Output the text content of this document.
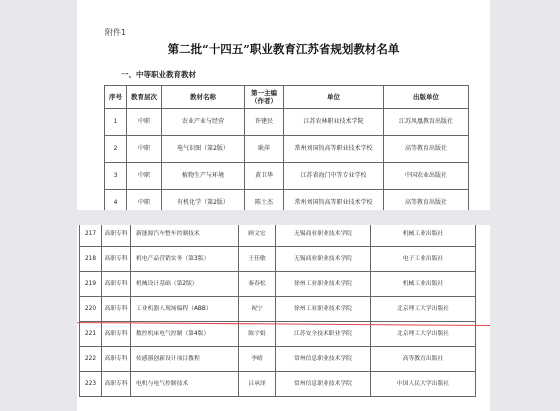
附件1
第二批“十四五”职业教育江苏省规划教材名单
一、中等职业教育教材
序号	教育层次	教材名称	第一主编（作者）	单位	出版单位
1	中职	农业产业与经营	许建民	江苏农林职业技术学院	江苏凤凰教育出版社
2	中职	电气识图（第2版）	耿萍	常州刘国钧高等职业技术学校	高等教育出版社
3	中职	植物生产与环境	黄卫华	江苏省海门中等专业学校	中国农业出版社
4	中职	有机化学（第2版）	陈士杰	常州刘国钧高等职业技术学校	高等教育出版社
217	高职专科	新能源汽车整车控制技术	顾文宏	无锡商业职业技术学院	机械工业出版社
218	高职专科	机电产品营销实务（第3版）	王佳敏	无锡商业职业技术学院	电子工业出版社
219	高职专科	机械设计基础（第2版）	秦春松	徐州工业职业技术学院	机械工业出版社
220	高职专科	工业机器人现场编程（ABB）	祝宁	徐州工业职业技术学院	北京理工大学出版社
221	高职专科	数控机床电气控制（第4版）	陈宇娟	江苏安全技术职业学院	北京理工大学出版社
222	高职专科	传感器创新设计项目教程	李晴	常州信息职业技术学院	高等教育出版社
223	高职专科	电机与电气控制技术	吕承泽	常州信息职业技术学院	中国人民大学出版社
